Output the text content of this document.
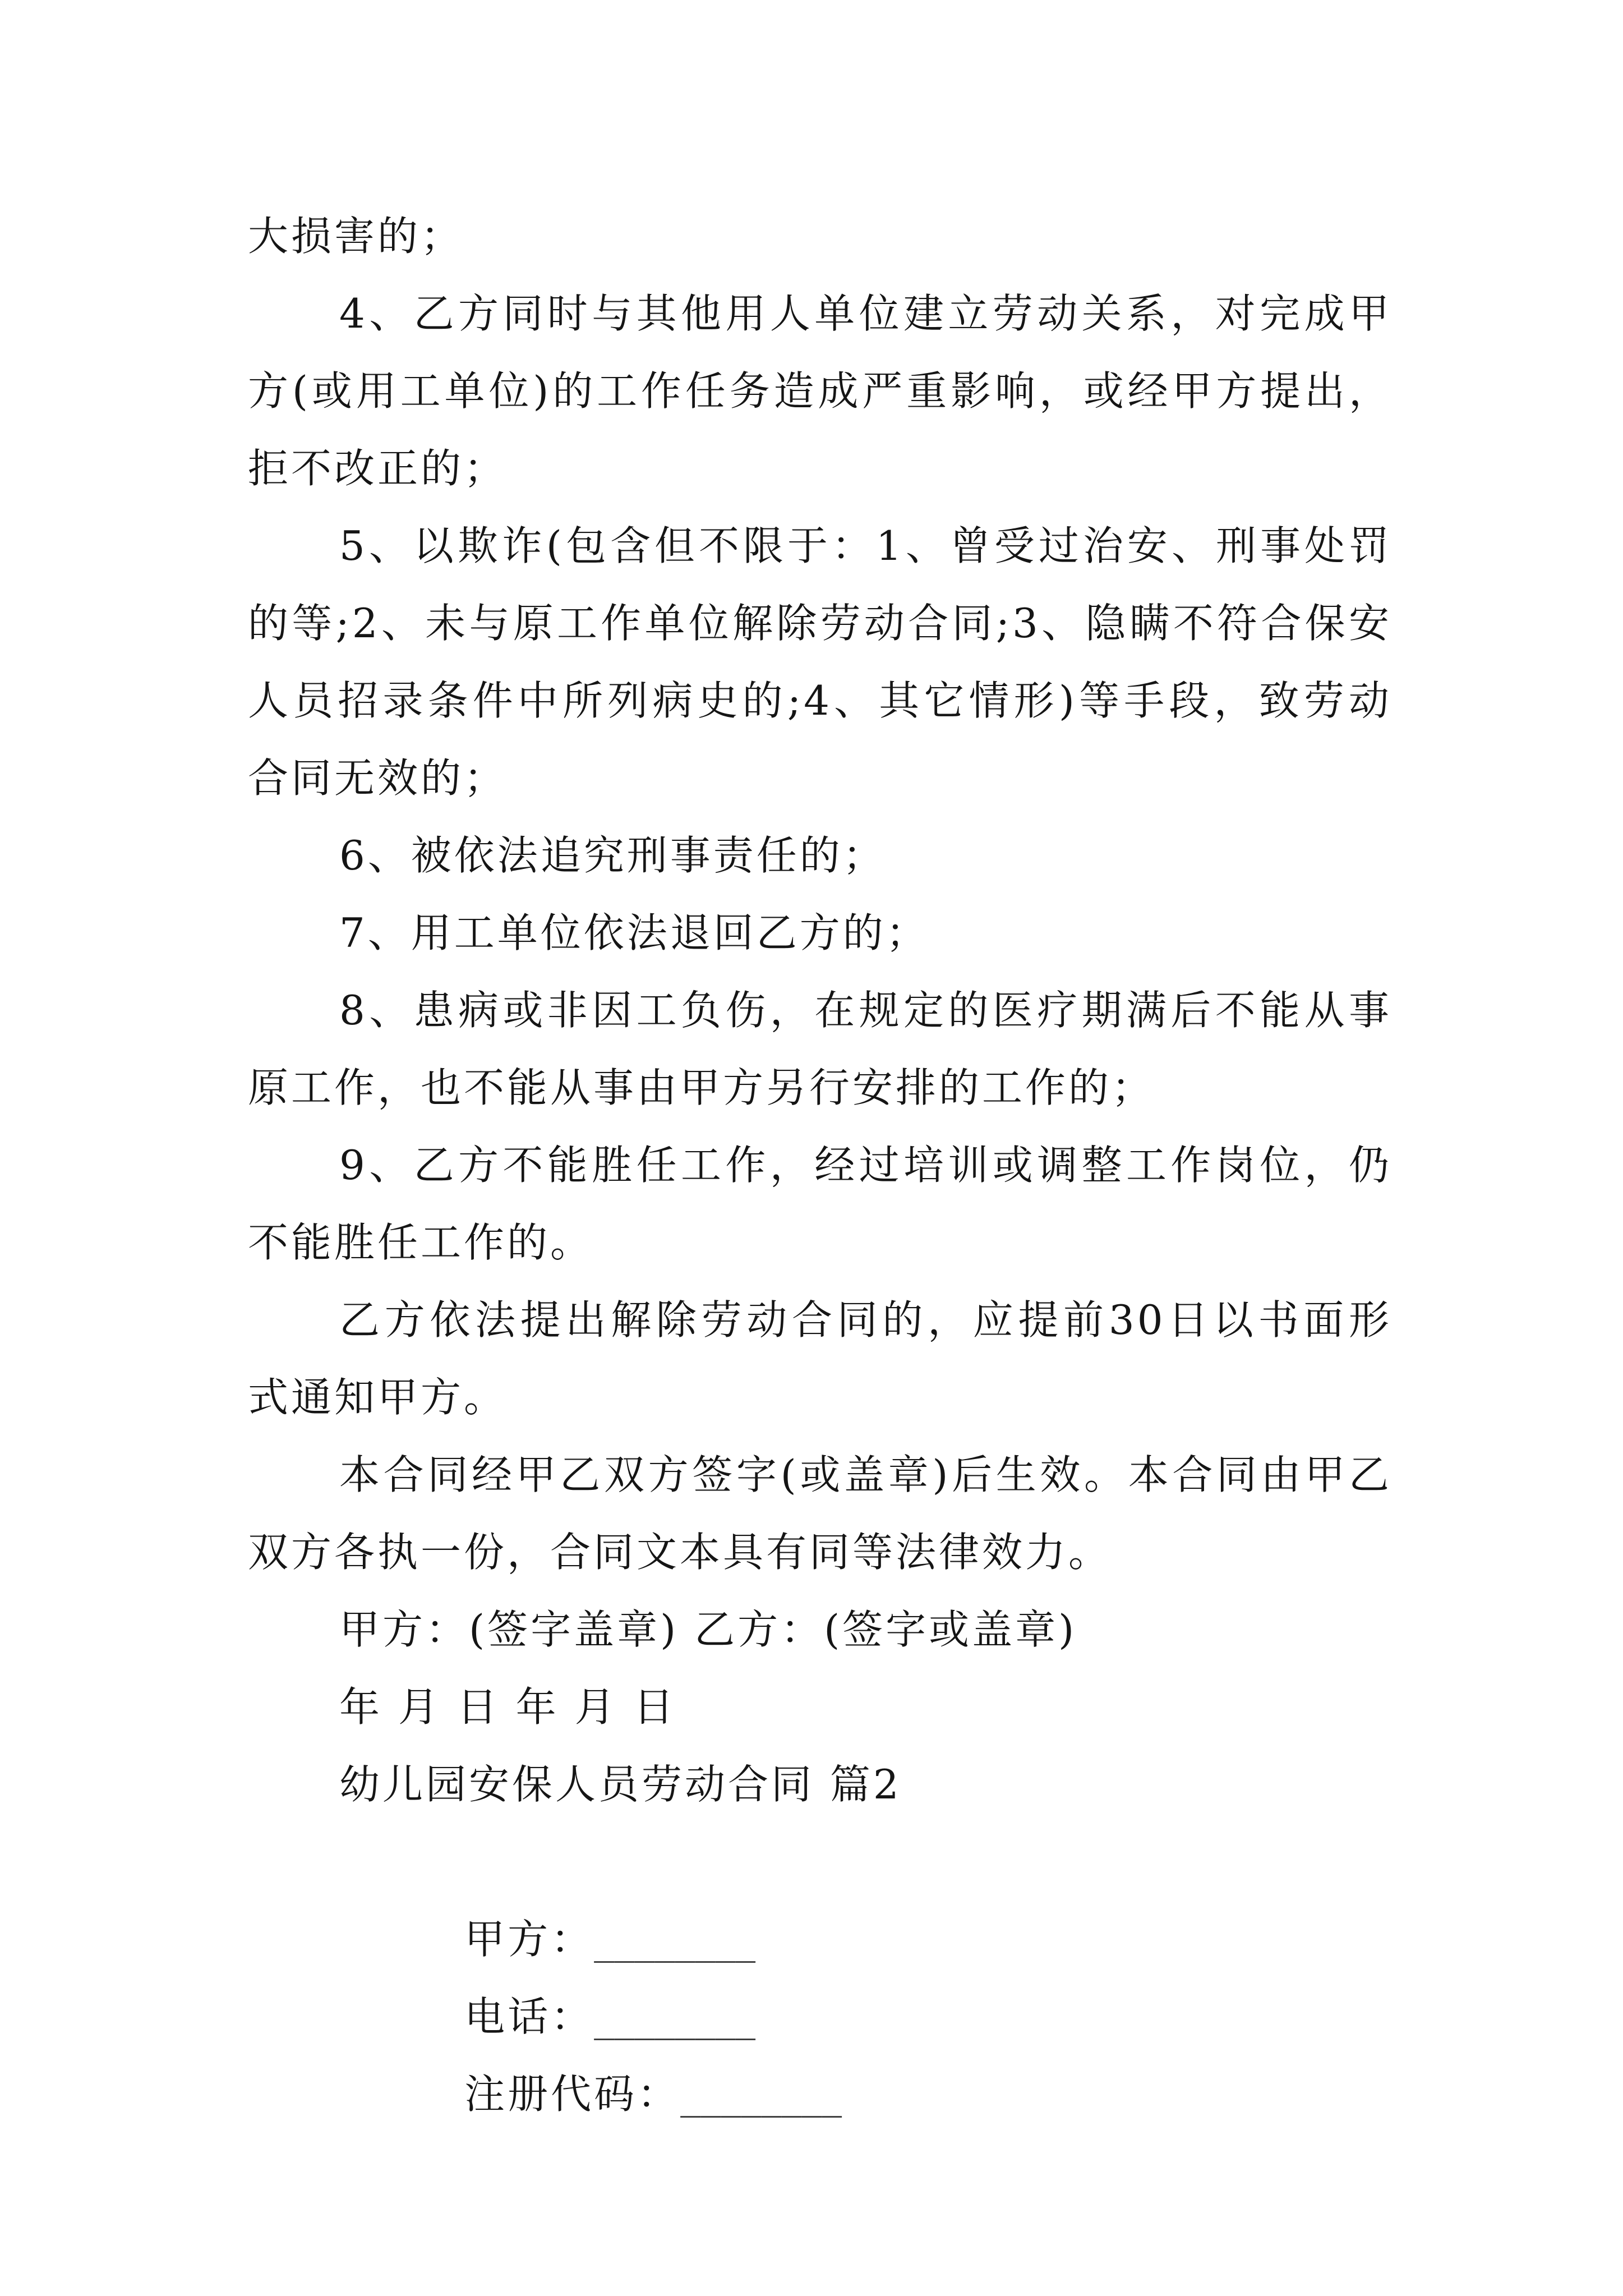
大损害的；
4、乙方同时与其他用人单位建立劳动关系，对完成甲
方(或用工单位)的工作任务造成严重影响，或经甲方提出，
拒不改正的；
5、以欺诈(包含但不限于：1、曾受过治安、刑事处罚
的等;2、未与原工作单位解除劳动合同;3、隐瞒不符合保安
人员招录条件中所列病史的;4、其它情形)等手段，致劳动
合同无效的；
6、被依法追究刑事责任的；
7、用工单位依法退回乙方的；
8、患病或非因工负伤，在规定的医疗期满后不能从事
原工作，也不能从事由甲方另行安排的工作的；
9、乙方不能胜任工作，经过培训或调整工作岗位，仍
不能胜任工作的。
乙方依法提出解除劳动合同的，应提前30日以书面形
式通知甲方。
本合同经甲乙双方签字(或盖章)后生效。本合同由甲乙
双方各执一份，合同文本具有同等法律效力。
甲方：(签字盖章) 乙方：(签字或盖章)
年 月 日 年 月 日
幼儿园安保人员劳动合同 篇2

甲方：________

电话：________

注册代码：________
